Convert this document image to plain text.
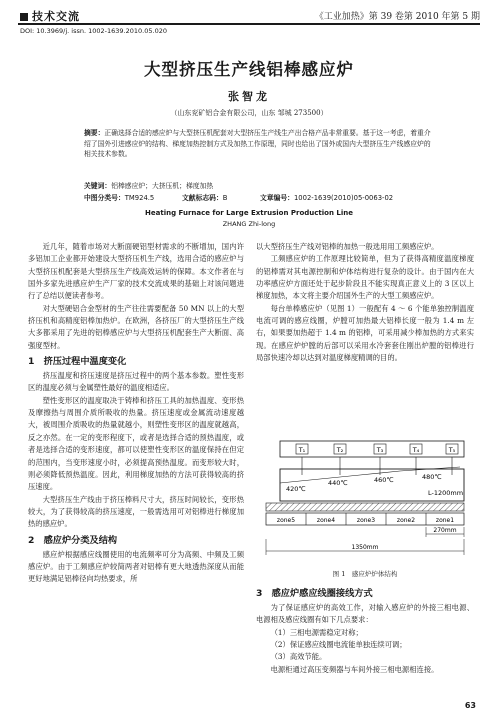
技术交流	《工业加热》第 39 卷第 2010 年第 5 期
DOI: 10.3969/j. issn. 1002-1639.2010.05.020
大型挤压生产线铝棒感应炉
张智龙
（山东兖矿铝合金有限公司，山东 邹城 273500）
摘要：正确选择合适的感应炉与大型挤压机配套对大型挤压生产线生产出合格产品非常重要。基于这一考虑，着重介绍了国外引进感应炉的结构、梯度加热控制方式及加热工作原理，同时也给出了国外或国内大型挤压生产线感应炉的相关技术参数。
关键词：铝棒感应炉；大挤压机；梯度加热
中图分类号：TM924.5	文献标志码：B	文章编号：1002-1639(2010)05-0063-02
Heating Furnace for Large Extrusion Production Line
ZHANG Zhi-long

近几年，随着市场对大断面硬铝型材需求的不断增加，国内许多铝加工企业都开始建设大型挤压机生产线，选用合适的感应炉与大型挤压机配套是大型挤压生产线高效运转的保障。本文作者在与国外多家先进感应炉生产厂家的技术交流成果的基础上对该问题进行了总结以便读者参考。

对大型硬铝合金型材的生产往往需要配备 50 MN 以上的大型挤压机和高精度铝棒加热炉。在欧洲，各挤压厂的大型挤压生产线大多都采用了先进的铝棒感应炉与大型挤压机配套生产大断面、高强度型材。

1　挤压过程中温度变化

挤压温度和挤压速度是挤压过程中的两个基本参数。塑性变形区的温度必须与金属塑性最好的温度相适应。

塑性变形区的温度取决于铸棒和挤压工具的加热温度、变形热及摩擦热与周围介质所吸收的热量。挤压速度或金属流动速度越大，被周围介质吸收的热量就越小，则塑性变形区的温度就越高，反之亦然。在一定的变形程度下，或者是选择合适的预热温度，或者是选择合适的变形速度，都可以使塑性变形区的温度保持在但定的范围内，当变形速度小时，必须提高预热温度。而变形较大时，则必须降低预热温度。因此，利用梯度加热的方法可获得较高的挤压速度。

大型挤压生产线由于挤压棒料尺寸大，挤压时间较长，变形热较大，为了获得较高的挤压速度，一般需选用可对铝棒进行梯度加热的感应炉。

2　感应炉分类及结构

感应炉根据感应线圈使用的电流频率可分为高频、中频及工频感应炉。由于工频感应炉较简两者对铝棒有更大地透热深度从而能更好地满足铝棒径向均热要求，所

以大型挤压生产线对铝棒的加热一般选用用工频感应炉。

工频感应炉的工作原理比较简单，但为了获得高精度温度梯度的铝棒需对其电源控制和炉体结构进行复杂的设计。由于国内在大功率感应炉方面还处于起步阶段且不能实现真正意义上的 3 区以上梯度加热，本文将主要介绍国外生产的大型工频感应炉。

每台单棒感应炉（见图 1）一般配有 4 ～ 6 个能单独控制温度电流可调的感应线圈，炉膛可加热最大铝棒长度一般为 1.4 m 左右，如果要加热超于 1.4 m 的铝棒，可采用减少棒加热的方式来实现。在感应炉炉膛的后部可以采用水冷套套住刚出炉膛的铝棒进行局部快速冷却以达到对温度梯度精调的目的。

T₁	T₂	T₃	T₄	T₅
420℃
440℃	460℃	480℃
L-1200mm
zone5	zone4	zone3	zone2	zone1
270mm
1350mm
图 1　感应炉炉体结构
3　感应炉感应线圈接线方式

为了保证感应炉的高效工作，对输入感应炉的外接三相电源、电源相及感应线圈有如下几点要求：

（1）三相电源需稳定对称；

（2）保证感应线圈电流能单独连续可调；

（3）高效节能。

电源柜通过高压变频器与车间外接三相电源相连接。

63
